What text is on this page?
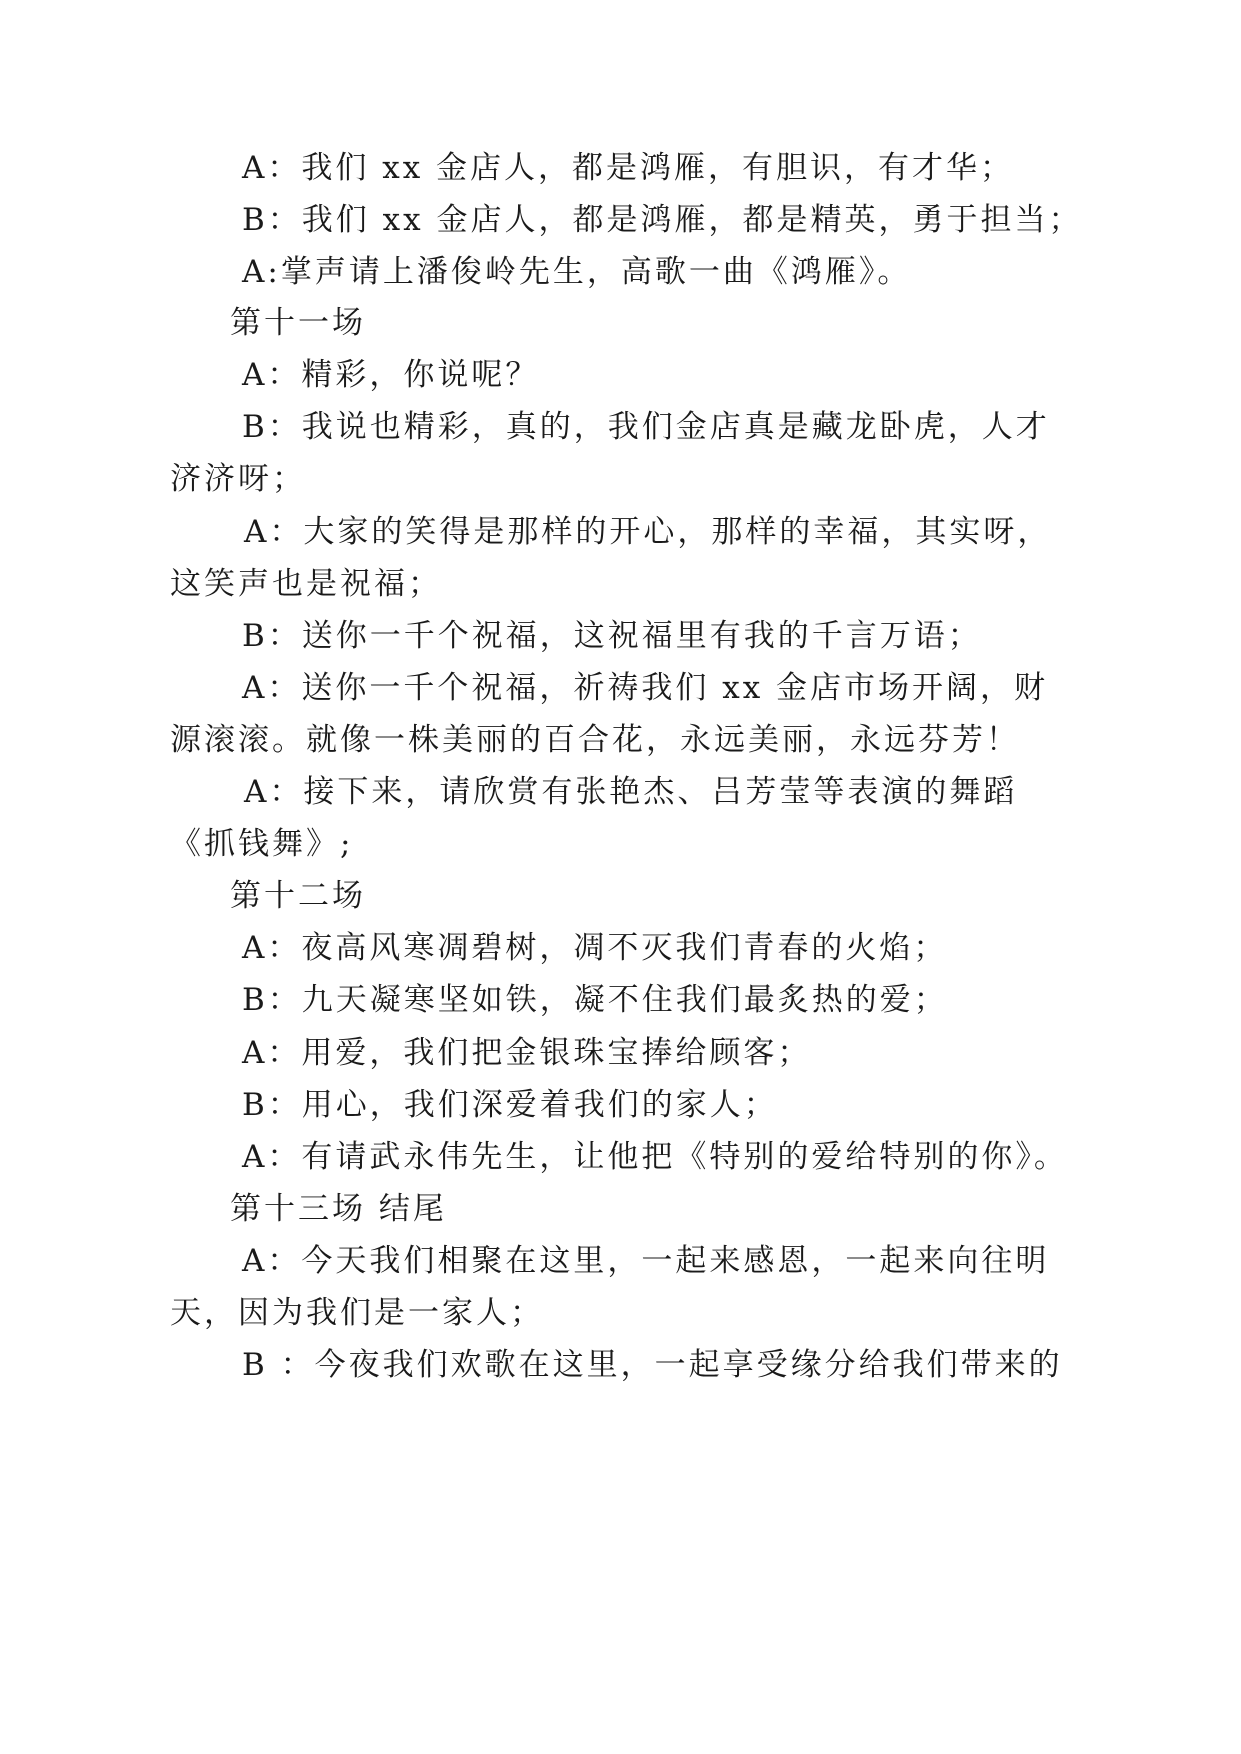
A：我们 xx 金店人，都是鸿雁，有胆识，有才华；
B：我们 xx 金店人，都是鸿雁，都是精英，勇于担当；
A:掌声请上潘俊岭先生，高歌一曲《鸿雁》。
第十一场
A：精彩，你说呢？
B：我说也精彩，真的，我们金店真是藏龙卧虎，人才
济济呀；
A：大家的笑得是那样的开心，那样的幸福，其实呀，
这笑声也是祝福；
B：送你一千个祝福，这祝福里有我的千言万语；
A：送你一千个祝福，祈祷我们 xx 金店市场开阔，财
源滚滚。就像一株美丽的百合花，永远美丽，永远芬芳！
A：接下来，请欣赏有张艳杰、吕芳莹等表演的舞蹈
《抓钱舞》;
第十二场
A：夜高风寒凋碧树，凋不灭我们青春的火焰；
B：九天凝寒坚如铁，凝不住我们最炙热的爱；
A：用爱，我们把金银珠宝捧给顾客；
B：用心，我们深爱着我们的家人；
A：有请武永伟先生，让他把《特别的爱给特别的你》。
第十三场 结尾
A：今天我们相聚在这里，一起来感恩，一起来向往明
天，因为我们是一家人；
B ：今夜我们欢歌在这里，一起享受缘分给我们带来的
